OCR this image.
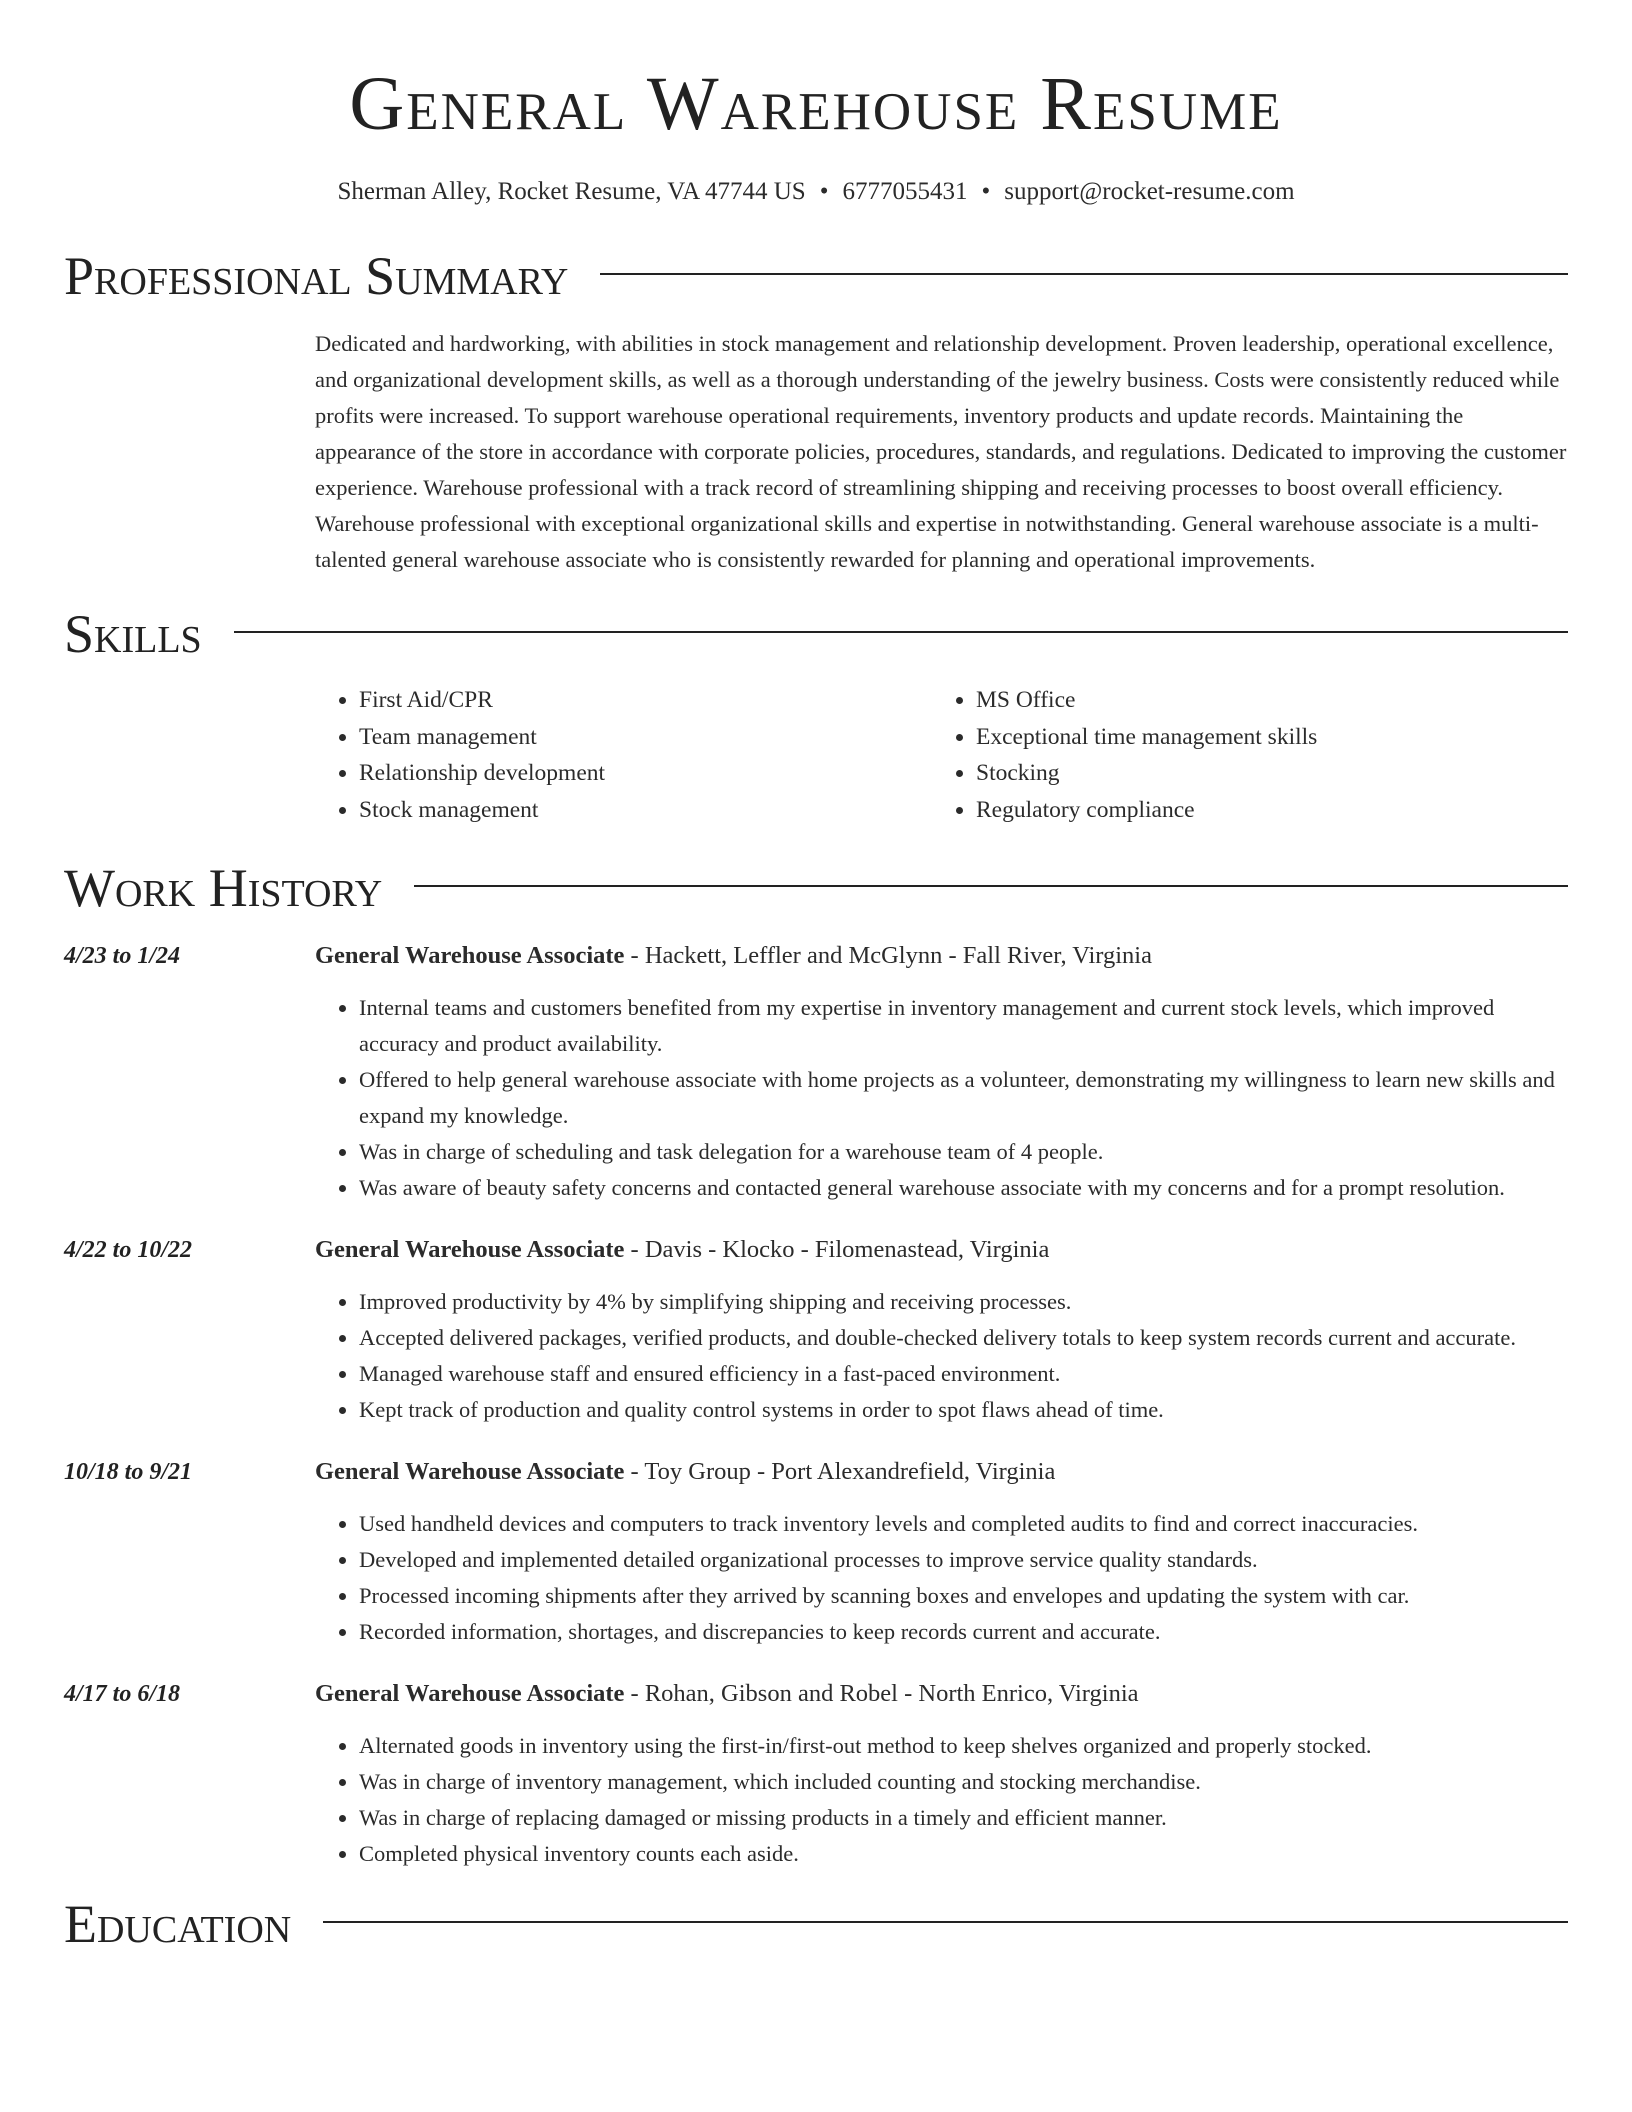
General Warehouse Resume
Sherman Alley, Rocket Resume, VA 47744 US • 6777055431 • support@rocket-resume.com
Professional Summary
Dedicated and hardworking, with abilities in stock management and relationship development. Proven leadership, operational excellence, and organizational development skills, as well as a thorough understanding of the jewelry business. Costs were consistently reduced while profits were increased. To support warehouse operational requirements, inventory products and update records. Maintaining the appearance of the store in accordance with corporate policies, procedures, standards, and regulations. Dedicated to improving the customer experience. Warehouse professional with a track record of streamlining shipping and receiving processes to boost overall efficiency. Warehouse professional with exceptional organizational skills and expertise in notwithstanding. General warehouse associate is a multi-talented general warehouse associate who is consistently rewarded for planning and operational improvements.
Skills
• First Aid/CPR
• Team management
• Relationship development
• Stock management
• MS Office
• Exceptional time management skills
• Stocking
• Regulatory compliance
Work History
4/23 to 1/24	General Warehouse Associate - Hackett, Leffler and McGlynn - Fall River, Virginia
• Internal teams and customers benefited from my expertise in inventory management and current stock levels, which improved accuracy and product availability.
• Offered to help general warehouse associate with home projects as a volunteer, demonstrating my willingness to learn new skills and expand my knowledge.
• Was in charge of scheduling and task delegation for a warehouse team of 4 people.
• Was aware of beauty safety concerns and contacted general warehouse associate with my concerns and for a prompt resolution.
4/22 to 10/22	General Warehouse Associate - Davis - Klocko - Filomenastead, Virginia
• Improved productivity by 4% by simplifying shipping and receiving processes.
• Accepted delivered packages, verified products, and double-checked delivery totals to keep system records current and accurate.
• Managed warehouse staff and ensured efficiency in a fast-paced environment.
• Kept track of production and quality control systems in order to spot flaws ahead of time.
10/18 to 9/21	General Warehouse Associate - Toy Group - Port Alexandrefield, Virginia
• Used handheld devices and computers to track inventory levels and completed audits to find and correct inaccuracies.
• Developed and implemented detailed organizational processes to improve service quality standards.
• Processed incoming shipments after they arrived by scanning boxes and envelopes and updating the system with car.
• Recorded information, shortages, and discrepancies to keep records current and accurate.
4/17 to 6/18	General Warehouse Associate - Rohan, Gibson and Robel - North Enrico, Virginia
• Alternated goods in inventory using the first-in/first-out method to keep shelves organized and properly stocked.
• Was in charge of inventory management, which included counting and stocking merchandise.
• Was in charge of replacing damaged or missing products in a timely and efficient manner.
• Completed physical inventory counts each aside.
Education
